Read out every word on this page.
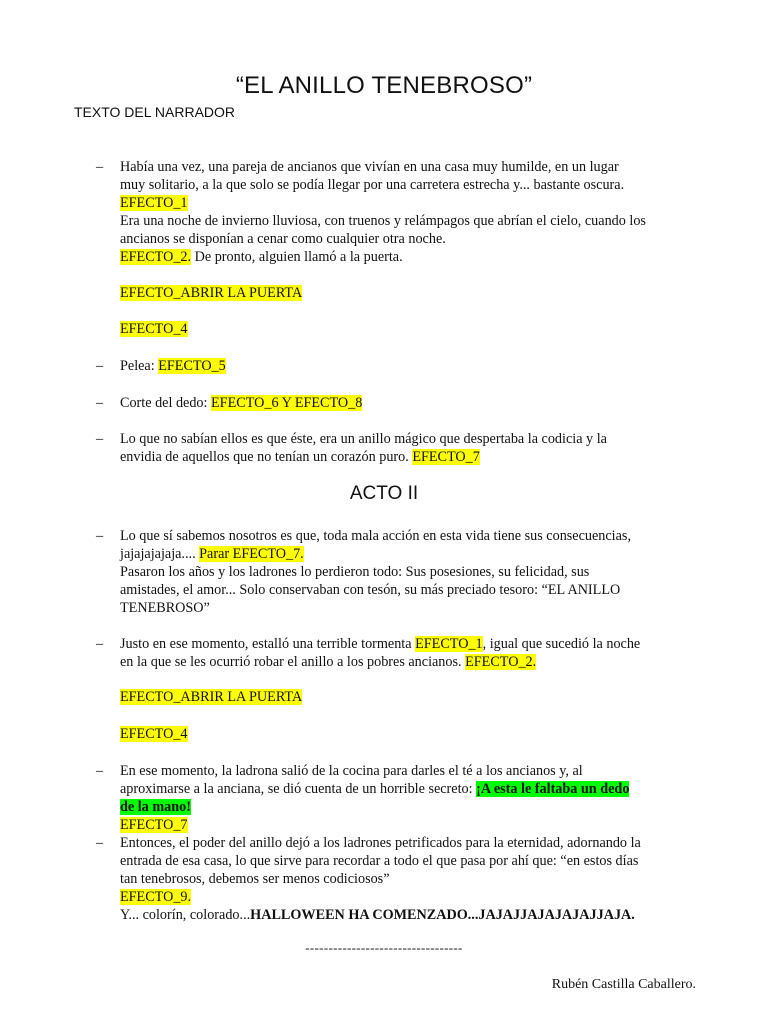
“EL ANILLO TENEBROSO”
TEXTO DEL NARRADOR
– Había una vez, una pareja de ancianos que vivían en una casa muy humilde, en un lugar
muy solitario, a la que solo se podía llegar por una carretera estrecha y... bastante oscura.
EFECTO_1
Era una noche de invierno lluviosa, con truenos y relámpagos que abrían el cielo, cuando los
ancianos se disponían a cenar como cualquier otra noche.
EFECTO_2. De pronto, alguien llamó a la puerta.
EFECTO_ABRIR LA PUERTA
EFECTO_4
– Pelea: EFECTO_5
– Corte del dedo: EFECTO_6 Y EFECTO_8
– Lo que no sabían ellos es que éste, era un anillo mágico que despertaba la codicia y la
envidia de aquellos que no tenían un corazón puro. EFECTO_7
ACTO II
– Lo que sí sabemos nosotros es que, toda mala acción en esta vida tiene sus consecuencias,
jajajajajaja.... Parar EFECTO_7.
Pasaron los años y los ladrones lo perdieron todo: Sus posesiones, su felicidad, sus
amistades, el amor... Solo conservaban con tesón, su más preciado tesoro: “EL ANILLO
TENEBROSO”
– Justo en ese momento, estalló una terrible tormenta EFECTO_1, igual que sucedió la noche
en la que se les ocurrió robar el anillo a los pobres ancianos. EFECTO_2.
EFECTO_ABRIR LA PUERTA
EFECTO_4
– En ese momento, la ladrona salió de la cocina para darles el té a los ancianos y, al
aproximarse a la anciana, se dió cuenta de un horrible secreto: ¡A esta le faltaba un dedo
de la mano!
EFECTO_7
– Entonces, el poder del anillo dejó a los ladrones petrificados para la eternidad, adornando la
entrada de esa casa, lo que sirve para recordar a todo el que pasa por ahí que: “en estos días
tan tenebrosos, debemos ser menos codiciosos”
EFECTO_9.
Y... colorín, colorado...HALLOWEEN HA COMENZADO...JAJAJJAJAJAJAJJAJA.
----------------------------------
Rubén Castilla Caballero.
